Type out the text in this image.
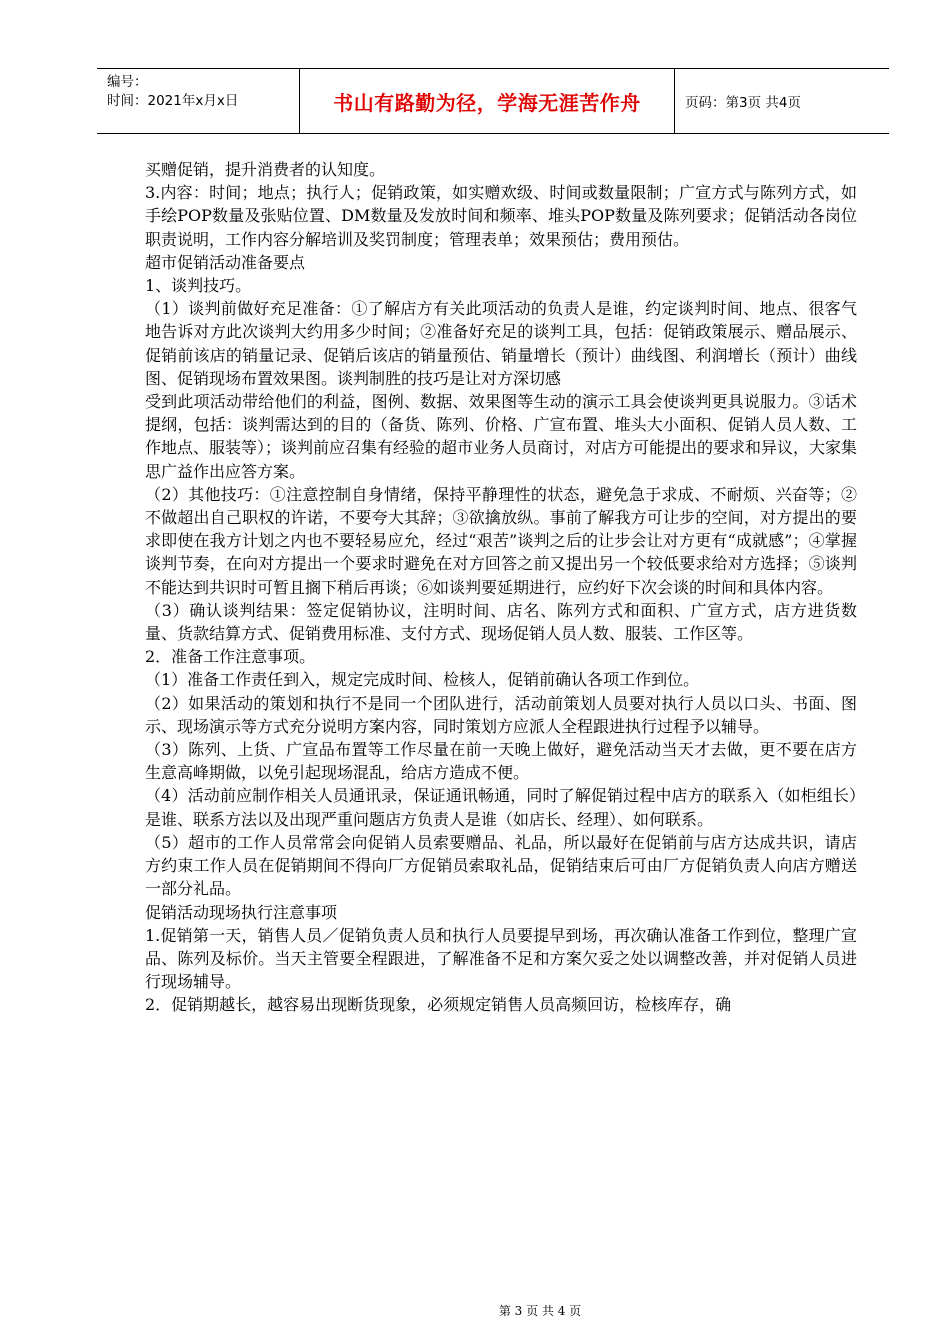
编号：
时间：2021年x月x日	书山有路勤为径，学海无涯苦作舟	页码：第3页 共4页

买赠促销，提升消费者的认知度。

3.内容：时间；地点；执行人；促销政策，如实赠欢级、时间或数量限制；广宣方式与陈列方式，如手绘POP数量及张贴位置、DM数量及发放时间和频率、堆头POP数量及陈列要求；促销活动各岗位职责说明，工作内容分解培训及奖罚制度；管理表单；效果预估；费用预估。

超市促销活动准备要点

1、谈判技巧。

（1）谈判前做好充足准备：①了解店方有关此项活动的负责人是谁，约定谈判时间、地点、很客气地告诉对方此次谈判大约用多少时间；②准备好充足的谈判工具，包括：促销政策展示、赠品展示、促销前该店的销量记录、促销后该店的销量预估、销量增长（预计）曲线图、利润增长（预计）曲线图、促销现场布置效果图。谈判制胜的技巧是让对方深切感

受到此项活动带给他们的利益，图例、数据、效果图等生动的演示工具会使谈判更具说服力。③话术提纲，包括：谈判需达到的目的（备货、陈列、价格、广宣布置、堆头大小面积、促销人员人数、工作地点、服装等）；谈判前应召集有经验的超市业务人员商讨，对店方可能提出的要求和异议，大家集思广益作出应答方案。

（2）其他技巧：①注意控制自身情绪，保持平静理性的状态，避免急于求成、不耐烦、兴奋等；②不做超出自己职权的许诺，不要夸大其辞；③欲擒放纵。事前了解我方可让步的空间，对方提出的要求即使在我方计划之内也不要轻易应允，经过“艰苦”谈判之后的让步会让对方更有“成就感”；④掌握谈判节奏，在向对方提出一个要求时避免在对方回答之前又提出另一个较低要求给对方选择；⑤谈判不能达到共识时可暂且搁下稍后再谈；⑥如谈判要延期进行，应约好下次会谈的时间和具体内容。

（3）确认谈判结果：签定促销协议，注明时间、店名、陈列方式和面积、广宣方式，店方进货数量、货款结算方式、促销费用标准、支付方式、现场促销人员人数、服装、工作区等。

2．准备工作注意事项。

（1）准备工作责任到入，规定完成时间、检核人，促销前确认各项工作到位。

（2）如果活动的策划和执行不是同一个团队进行，活动前策划人员要对执行人员以口头、书面、图示、现场演示等方式充分说明方案内容，同时策划方应派人全程跟进执行过程予以辅导。

（3）陈列、上货、广宣品布置等工作尽量在前一天晚上做好，避免活动当天才去做，更不要在店方生意高峰期做，以免引起现场混乱，给店方造成不便。

（4）活动前应制作相关人员通讯录，保证通讯畅通，同时了解促销过程中店方的联系入（如柜组长）是谁、联系方法以及出现严重问题店方负责人是谁（如店长、经理）、如何联系。

（5）超市的工作人员常常会向促销人员索要赠品、礼品，所以最好在促销前与店方达成共识，请店方约束工作人员在促销期间不得向厂方促销员索取礼品，促销结束后可由厂方促销负责人向店方赠送一部分礼品。

促销活动现场执行注意事项

1.促销第一天，销售人员／促销负责人员和执行人员要提早到场，再次确认准备工作到位，整理广宣品、陈列及标价。当天主管要全程跟进，了解准备不足和方案欠妥之处以调整改善，并对促销人员进行现场辅导。

2．促销期越长，越容易出现断货现象，必须规定销售人员高频回访，检核库存，确

第 3 页 共 4 页
